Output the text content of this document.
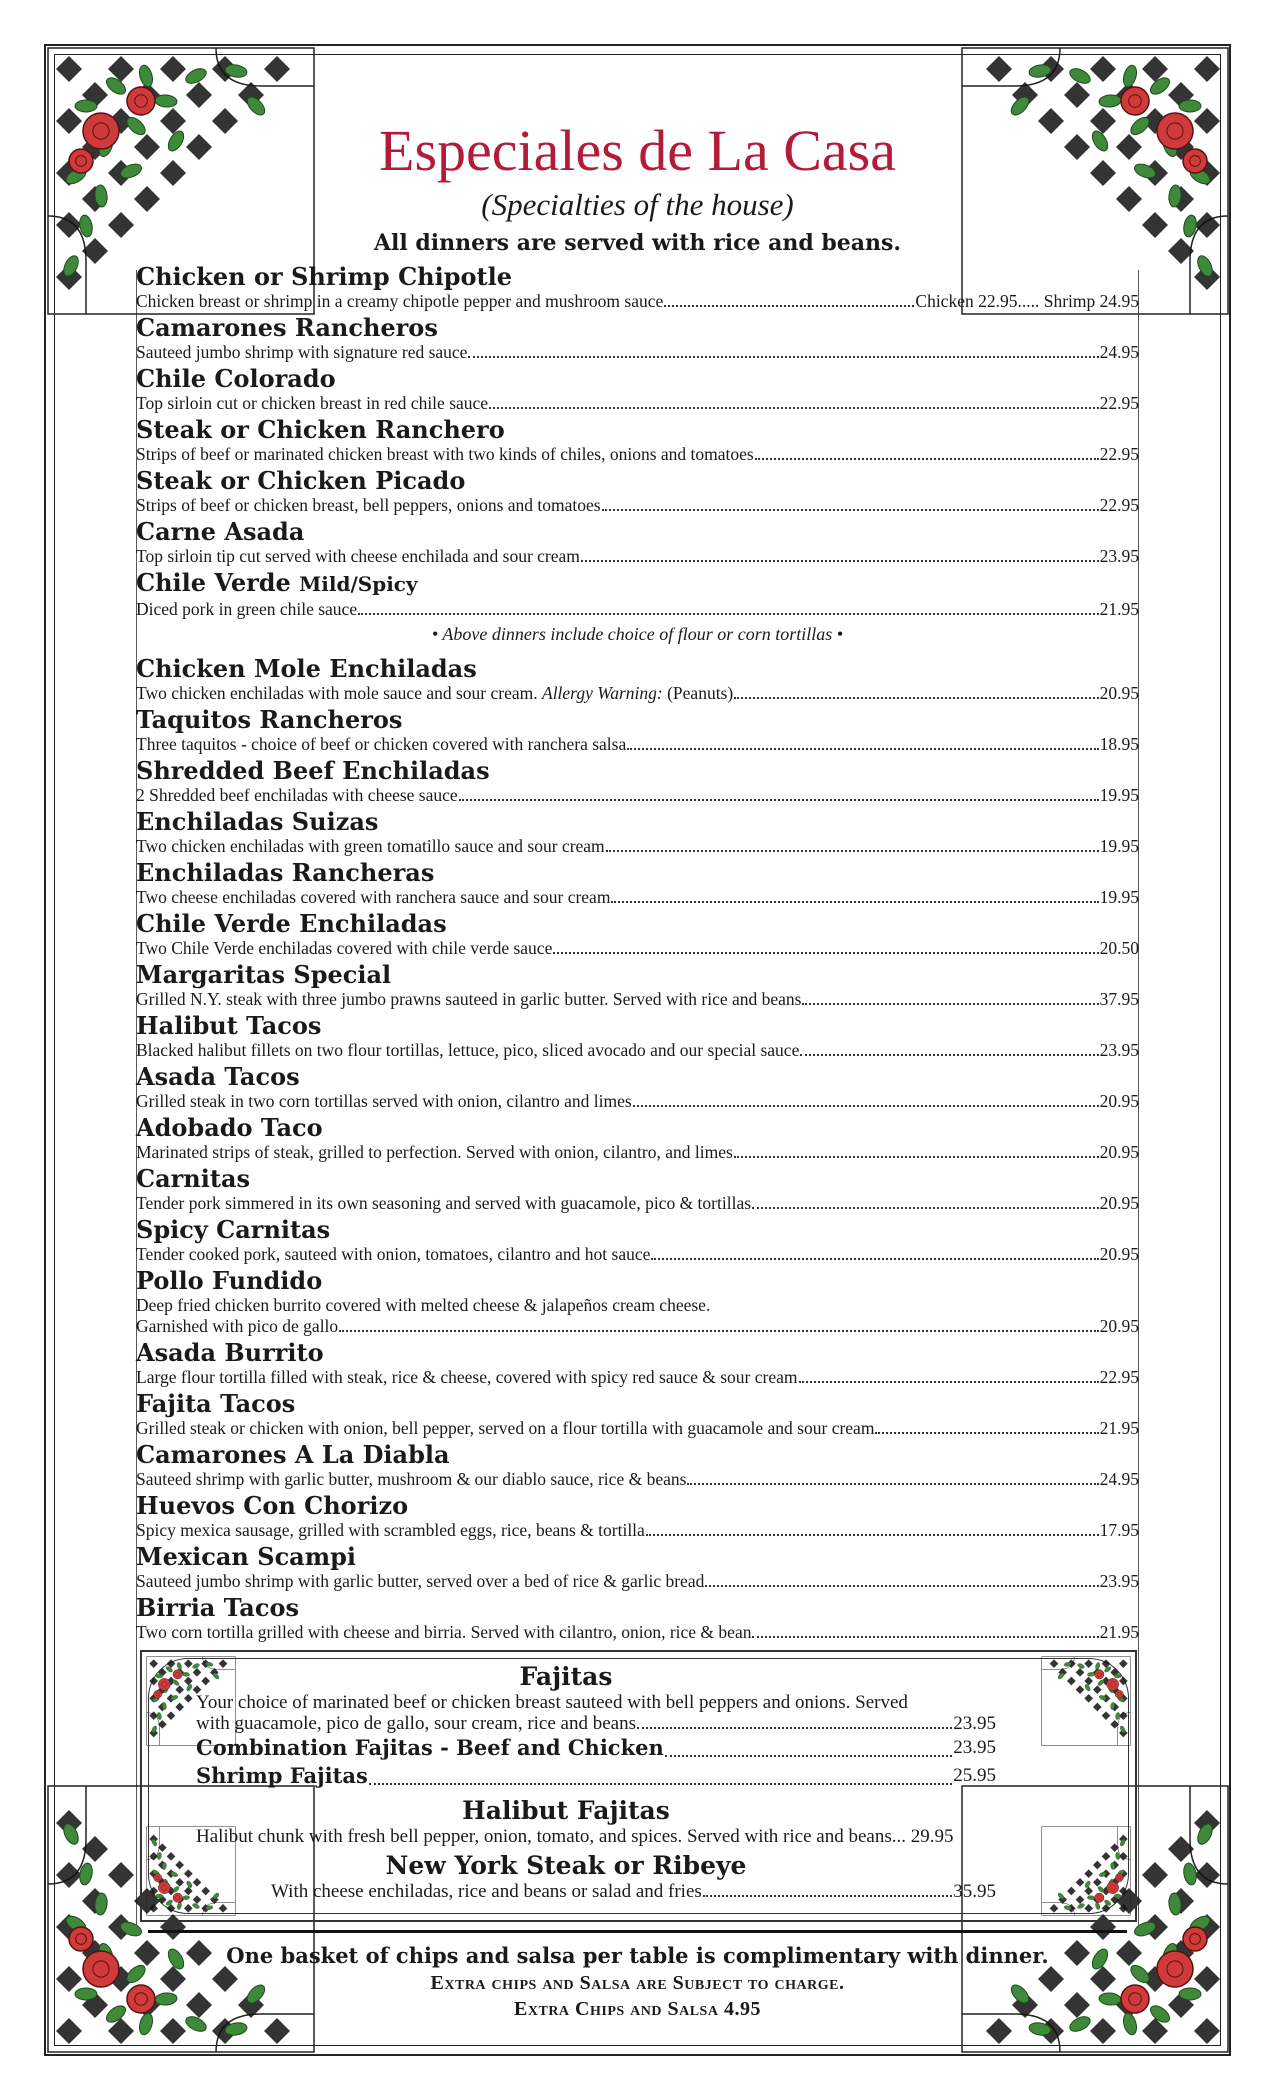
Especiales de La Casa
(Specialties of the house)
All dinners are served with rice and beans.
Chicken or Shrimp Chipotle
Chicken breast or shrimp in a creamy chipotle pepper and mushroom sauce	Chicken 22.95..... Shrimp 24.95
Camarones Rancheros
Sauteed jumbo shrimp with signature red sauce	24.95
Chile Colorado
Top sirloin cut or chicken breast in red chile sauce	22.95
Steak or Chicken Ranchero
Strips of beef or marinated chicken breast with two kinds of chiles, onions and tomatoes	22.95
Steak or Chicken Picado
Strips of beef or chicken breast, bell peppers, onions and tomatoes	22.95
Carne Asada
Top sirloin tip cut served with cheese enchilada and sour cream	23.95
Chile Verde Mild/Spicy
Diced pork in green chile sauce	21.95
• Above dinners include choice of flour or corn tortillas •
Chicken Mole Enchiladas
Two chicken enchiladas with mole sauce and sour cream. Allergy Warning: (Peanuts)	20.95
Taquitos Rancheros
Three taquitos - choice of beef or chicken covered with ranchera salsa	18.95
Shredded Beef Enchiladas
2 Shredded beef enchiladas with cheese sauce	19.95
Enchiladas Suizas
Two chicken enchiladas with green tomatillo sauce and sour cream	19.95
Enchiladas Rancheras
Two cheese enchiladas covered with ranchera sauce and sour cream	19.95
Chile Verde Enchiladas
Two Chile Verde enchiladas covered with chile verde sauce	20.50
Margaritas Special
Grilled N.Y. steak with three jumbo prawns sauteed in garlic butter. Served with rice and beans	37.95
Halibut Tacos
Blacked halibut fillets on two flour tortillas, lettuce, pico, sliced avocado and our special sauce	23.95
Asada Tacos
Grilled steak in two corn tortillas served with onion, cilantro and limes	20.95
Adobado Taco
Marinated strips of steak, grilled to perfection. Served with onion, cilantro, and limes	20.95
Carnitas
Tender pork simmered in its own seasoning and served with guacamole, pico & tortillas	20.95
Spicy Carnitas
Tender cooked pork, sauteed with onion, tomatoes, cilantro and hot sauce	20.95
Pollo Fundido
Deep fried chicken burrito covered with melted cheese & jalapeños cream cheese.
Garnished with pico de gallo	20.95
Asada Burrito
Large flour tortilla filled with steak, rice & cheese, covered with spicy red sauce & sour cream	22.95
Fajita Tacos
Grilled steak or chicken with onion, bell pepper, served on a flour tortilla with guacamole and sour cream	21.95
Camarones A La Diabla
Sauteed shrimp with garlic butter, mushroom & our diablo sauce, rice & beans	24.95
Huevos Con Chorizo
Spicy mexica sausage, grilled with scrambled eggs, rice, beans & tortilla	17.95
Mexican Scampi
Sauteed jumbo shrimp with garlic butter, served over a bed of rice & garlic bread	23.95
Birria Tacos
Two corn tortilla grilled with cheese and birria. Served with cilantro, onion, rice & bean	21.95
Fajitas
Your choice of marinated beef or chicken breast sauteed with bell peppers and onions. Served
with guacamole, pico de gallo, sour cream, rice and beans	23.95
Combination Fajitas - Beef and Chicken	23.95
Shrimp Fajitas	25.95
Halibut Fajitas
Halibut chunk with fresh bell pepper, onion, tomato, and spices. Served with rice and beans... 29.95
New York Steak or Ribeye
With cheese enchiladas, rice and beans or salad and fries	35.95
One basket of chips and salsa per table is complimentary with dinner.
Extra chips and Salsa are Subject to charge.
Extra Chips and Salsa 4.95
